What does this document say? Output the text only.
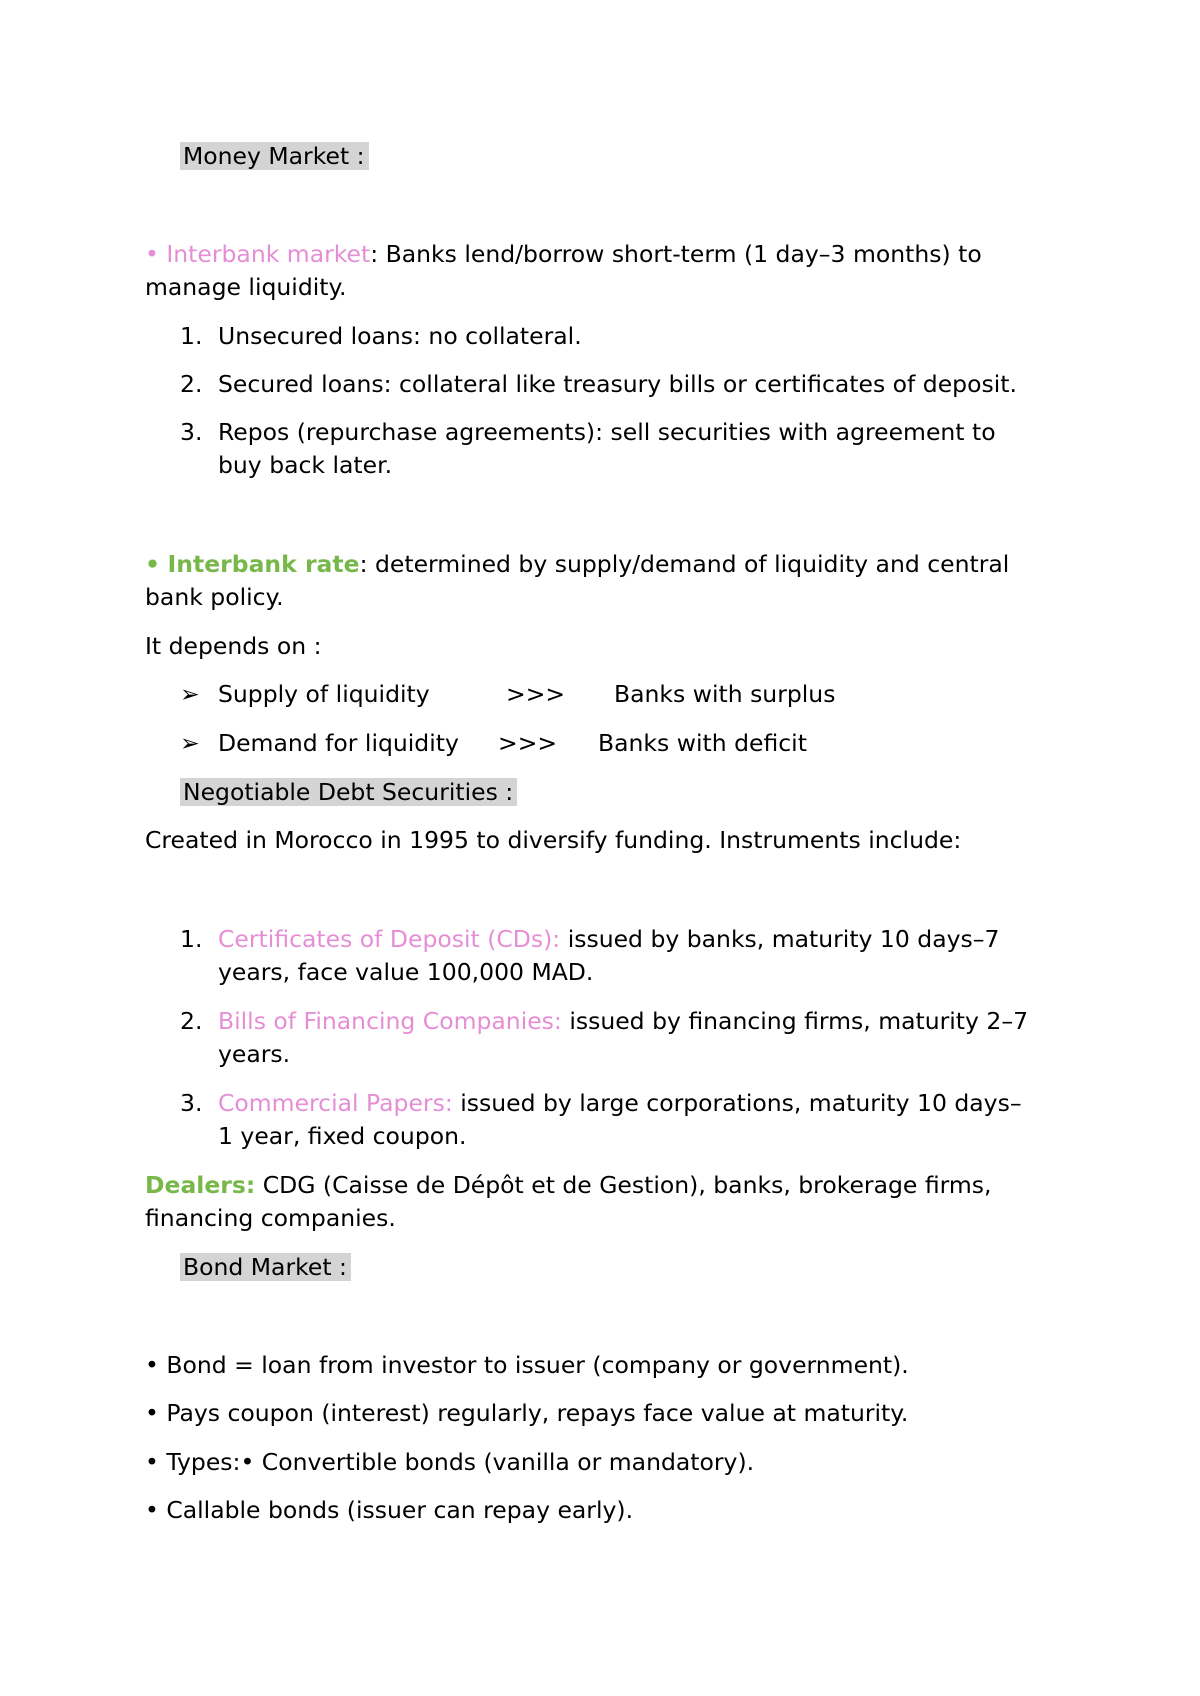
Money Market :
• Interbank market: Banks lend/borrow short-term (1 day–3 months) to
manage liquidity.
1. Unsecured loans: no collateral.
2. Secured loans: collateral like treasury bills or certificates of deposit.
3. Repos (repurchase agreements): sell securities with agreement to
buy back later.
• Interbank rate: determined by supply/demand of liquidity and central
bank policy.
It depends on :
➢ Supply of liquidity	>>> Banks with surplus
➢ Demand for liquidity >>> Banks with deficit
Negotiable Debt Securities :
Created in Morocco in 1995 to diversify funding. Instruments include:
1. Certificates of Deposit (CDs): issued by banks, maturity 10 days–7
years, face value 100,000 MAD.
2. Bills of Financing Companies: issued by financing firms, maturity 2–7
years.
3. Commercial Papers: issued by large corporations, maturity 10 days–
1 year, fixed coupon.
Dealers: CDG (Caisse de Dépôt et de Gestion), banks, brokerage firms,
financing companies.
Bond Market :
• Bond = loan from investor to issuer (company or government).
• Pays coupon (interest) regularly, repays face value at maturity.
• Types:• Convertible bonds (vanilla or mandatory).
• Callable bonds (issuer can repay early).
